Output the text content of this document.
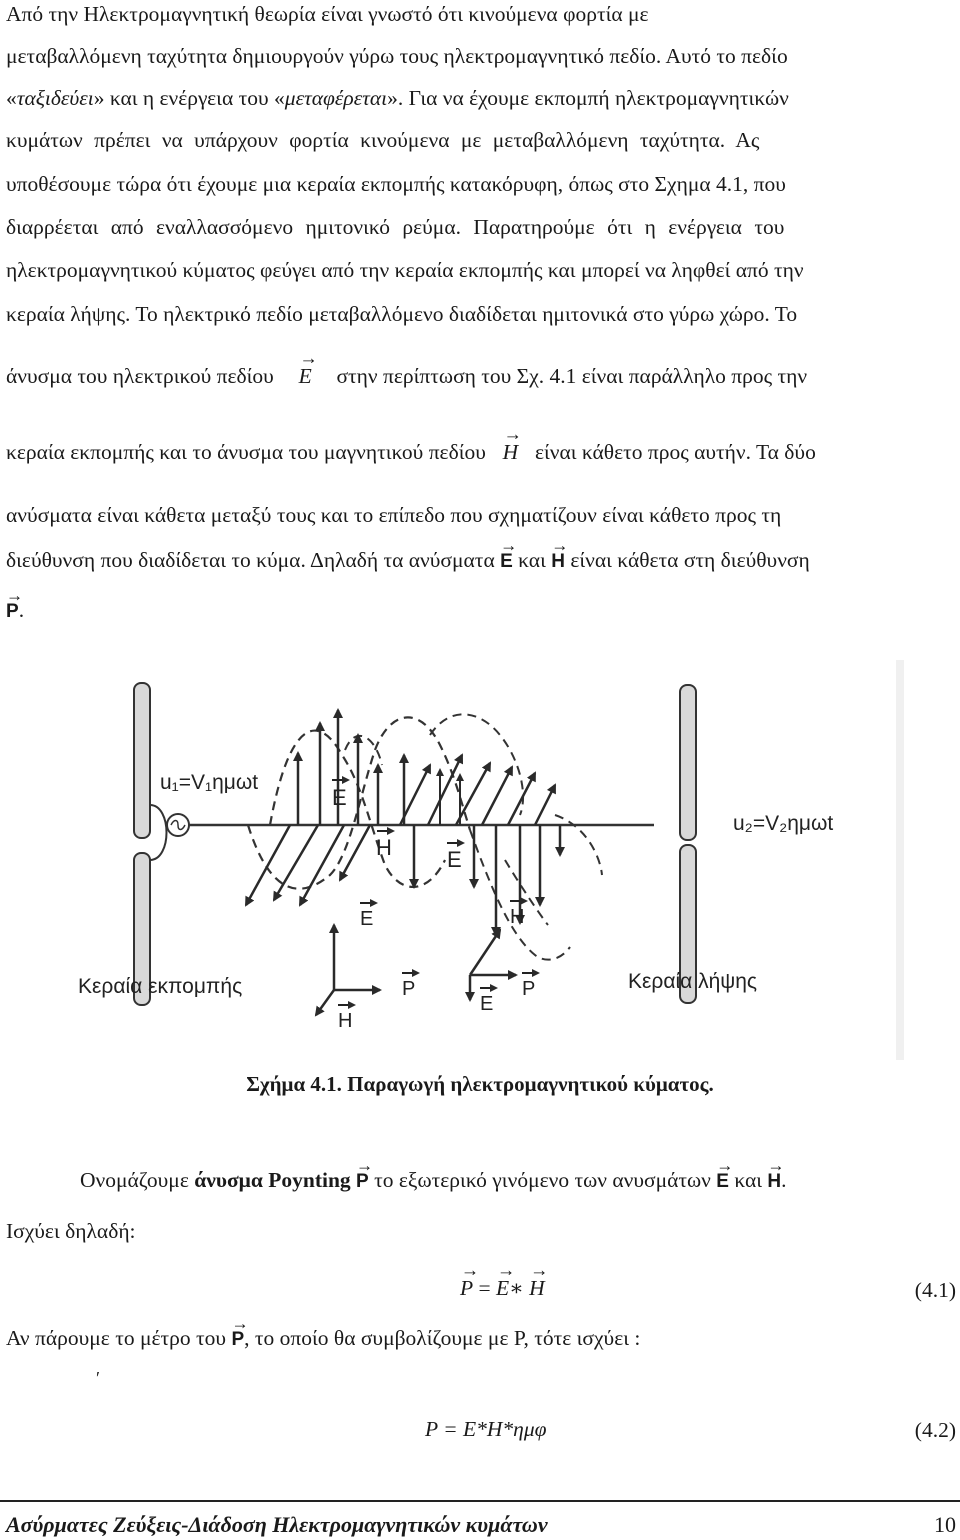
Από την Ηλεκτρομαγνητική θεωρία είναι γνωστό ότι κινούμενα φορτία με
μεταβαλλόμενη ταχύτητα δημιουργούν γύρω τους ηλεκτρομαγνητικό πεδίο. Αυτό το πεδίο
«ταξιδεύει» και η ενέργεια του «μεταφέρεται». Για να έχουμε εκπομπή ηλεκτρομαγνητικών
κυμάτων πρέπει να υπάρχουν φορτία κινούμενα με μεταβαλλόμενη ταχύτητα. Ας
υποθέσουμε τώρα ότι έχουμε μια κεραία εκπομπής κατακόρυφη, όπως στο Σχημα 4.1, που
διαρρέεται από εναλλασσόμενο ημιτονικό ρεύμα. Παρατηρούμε ότι η ενέργεια του
ηλεκτρομαγνητικού κύματος φεύγει από την κεραία εκπομπής και μπορεί να ληφθεί από την
κεραία λήψης. Το ηλεκτρικό πεδίο μεταβαλλόμενο διαδίδεται ημιτονικά στο γύρω χώρο. Το
άνυσμα του ηλεκτρικού πεδίου → E στην περίπτωση του Σχ. 4.1 είναι παράλληλο προς την
κεραία εκπομπής και το άνυσμα του μαγνητικού πεδίου → H είναι κάθετο προς αυτήν. Τα δύο
ανύσματα είναι κάθετα μεταξύ τους και το επίπεδο που σχηματίζουν είναι κάθετο προς τη
διεύθυνση που διαδίδεται το κύμα. Δηλαδή τα ανύσματα → E και → H είναι κάθετα στη διεύθυνση
→ P.
E
H	E
u₁=V₁ημωt
u₂=V₂ημωt
E
P
H
H
E
P
Κεραία εκπομπής	Κεραία λήψης
Σχήμα 4.1. Παραγωγή ηλεκτρομαγνητικού κύματος.
Ονομάζουμε άνυσμα Poynting → P το εξωτερικό γινόμενο των ανυσμάτων → E και → H.
Ισχύει δηλαδή:
→ P = → E∗ → H	(4.1)
Αν πάρουμε το μέτρο του → P, το οποίο θα συμβολίζουμε με Ρ, τότε ισχύει :
′
P = E*H*ημφ	(4.2)
Ασύρματες Ζεύξεις-Διάδοση Ηλεκτρομαγνητικών κυμάτων	10
